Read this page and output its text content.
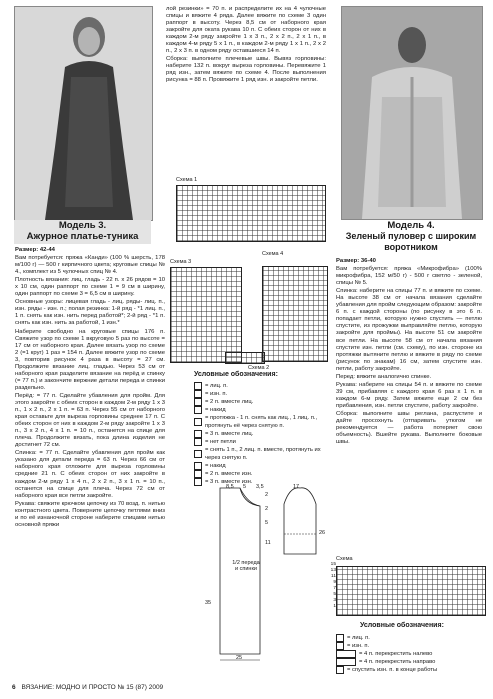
Модель 3.
Ажурное платье-туника

Размер: 42-44

Вам потребуется: пряжа «Канди» (100 % шерсть, 178 м/100 г) — 500 г кирпичного цвета; круговые спицы № 4., комплект из 5 чулочных спиц № 4.

Плотность вязания: лиц. гладь - 22 п. х 26 рядов = 10 х 10 см, один раппорт по схеме 1 = 9 см в ширину, один раппорт по схеме 3 = 6,5 см в ширину.

Основные узоры: лицевая гладь - лиц. ряды- лиц. п., изн. ряды - изн. п.; полая резинка: 1-й ряд - *1 лиц. п., 1 п. снять как изн. нить перед работой*; 2-й ряд - *1 п. снять как изн. нить за работой, 1 изн.*

Наберите свободно на круговые спицы 176 п. Свяжите узор по схеме 1 вкруговую 5 раз по высоте = 17 см от наборного края. Далее вязать узор по схеме 2 (=1 круг) 1 раз = 154 п. Далее вяжите узор по схеме 3, повторив рисунок 4 раза в высоту = 27 см. Продолжите вязание лиц. гладью. Через 53 см от наборного края разделите вязание на перёд и спинку (= 77 п.) и закончите вержние детали переда и спинки раздельно.

Перёд: = 77 п. Сделайте убавления для пройм. Для этого закройте с обеих сторон в каждом 2-м ряду 1 х 3 п., 1 х 2 п., 2 х 1 п. = 63 п. Через 55 см от наборного края оставьте для выреза горловины среднее 17 п. С обеих сторон от них в каждом 2-м ряду закройте 1 х 3 п., 3 х 2 п., 4 х 1 п. = 10 п., останется на спице для плеча. Продолжите вязать, пока длина изделия не достигнет 72 см.

Спинка: = 77 п. Сделайте убавления для пройм как указано для детали переда = 63 п. Через 66 см от наборного края отложите для выреза горловины средние 21 п. С обеих сторон от них закройте в каждом 2-м ряду 1 х 4 п., 2 х 2 п., 3 х 1 п. = 10 п., останется на спице для плеча. Через 72 см от наборного края все петли закройте.

Рукава: свяжите крючком цепочку из 70 возд. п. нитью контрастного цвета. Поверните цепочку петлями вниз и по её изнаночной стороне наберите спицами нитью основной пряжи

лой резинки» = 70 п. и распределите их на 4 чулочные спицы и вяжите 4 ряда. Далее вяжите по схеме 3 один раппорт в высоту. Через 8,5 см от наборного края закройте для оката рукава 10 п. С обеих сторон от них в каждом 2-м ряду закройте 1 х 3 п., 2 х 2 п., 2 х 1 п., в каждом 4-м ряду 5 х 1 п., в каждом 2-м ряду 1 х 1 п., 2 х 2 п., 2 х 3 п. в одном ряду оставшиеся 14 п.

Сборка: выполните плечевые швы. Вывяз горловины: наберите 132 п. вокруг выреза горловины. Перевяжите 1 ряд изн., затем вяжите по схеме 4. После выполнения рисунка = 88 п. Провяжите 1 ряд изн. и закройте петли.

Схема 1
Схема 3
Схема 2
Схема 4
Условные обозначения:
= лиц. п.
= изн. п.
= 2 п. вместе лиц.
= накид
= протяжка - 1 п. снять как лиц., 1 лиц. п., протянуть её через снятую п.
= 3 п. вместе лиц.
= нет петли
= снять 1 п., 2 лиц. п. вместе, протянуть их через снятую п.
= накид
= 2 п. вместе изн.
= 3 п. вместе изн.
8,5 5 3,5
2
2
5
11
1/2 переда и спинки
35
25
17
26
Модель 4.
Зеленый пуловер с широким воротником

Размер: 36-40

Вам потребуется: пряжа «Микрофибра» (100% микрофибра, 152 м/50 г) - 500 г светло - зеленой, спицы № 5.

Спинка: наберите на спицы 77 п. и вяжите по схеме. На высоте 38 см от начала вязания сделайте убавления для пройм следующим образом: закройте 6 п. с каждой стороны (по рисунку в это 6 п. попадает петли, которую нужно спустить — петлю спустите, из прожужки выправляйте петлю, которую закройте для проймы). На высоте 51 см закройте все петли. На высоте 58 см от начала вязания спустите изн. петли (см. схему), по изн. стороне из протяжки вытяните петлю и вяжите в ряду по схеме (рисунок по знакам) 16 см, затем спустите изн. петли, работу закройте.

Перед: вяжите аналогично спинке.

Рукава: наберите на спицы 54 п. и вяжите по схеме 39 см, прибавляя с каждого края 6 раз х 1 п. в каждом 6-м ряду. Затем вяжите еще 2 см без прибавления, изн. петли спустите, работу закройте.

Сборка: выполните швы реглана, распустите и дайте просохнуть (отпаривать утюгом не рекомендуется — работа потеряет свою объемность). Вшейте рукава. Выполните боковые швы.

Схема
15
13
11
9
7
5
3
1
Условные обозначения:
= лиц. п.
= изн. п.
= 4 п. перекрестить налево
= 4 п. перекрестить направо
= спустить изн. п. в конце работы
6 ВЯЗАНИЕ: МОДНО И ПРОСТО № 15 (87) 2009
